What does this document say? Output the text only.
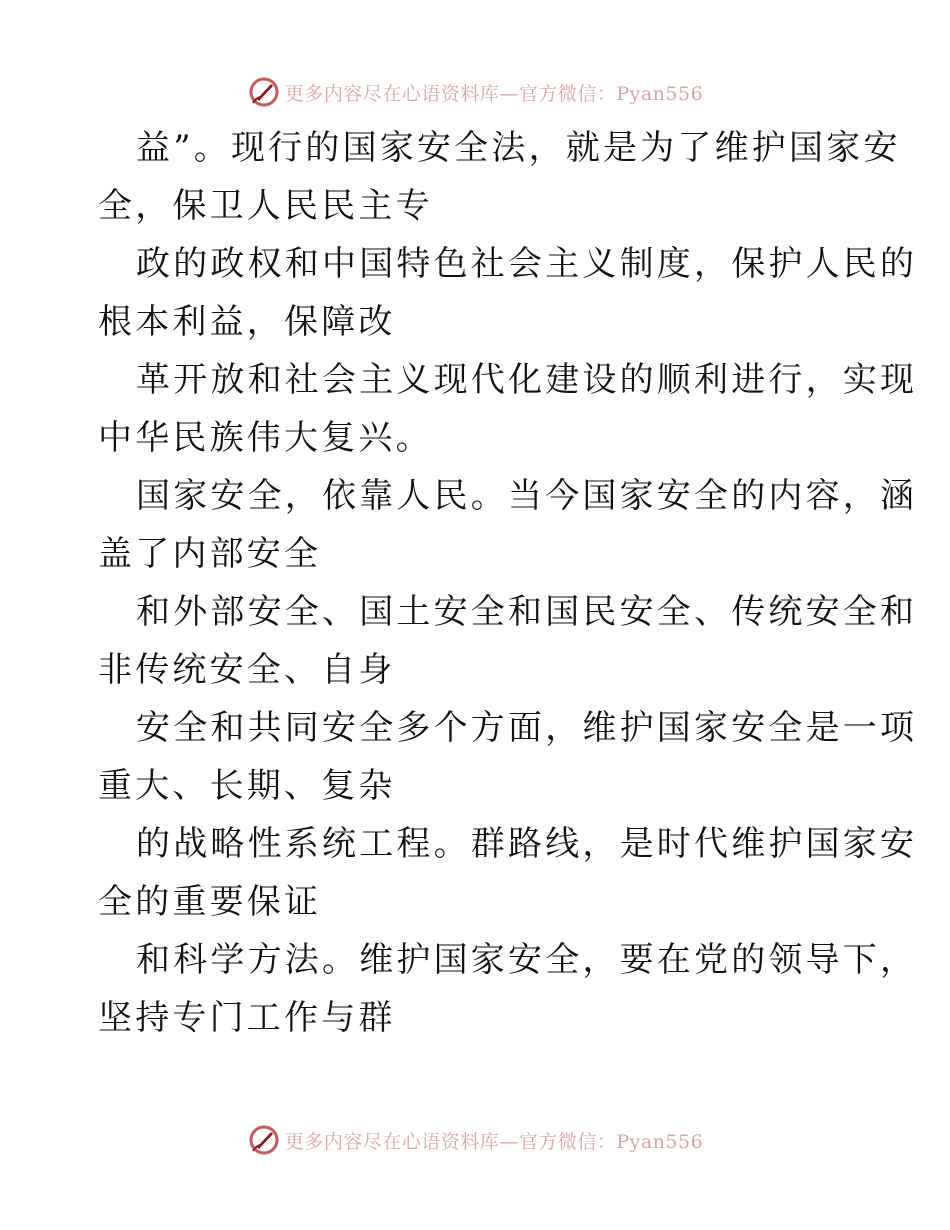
更多内容尽在心语资料库—官方微信：Pyan556
益”。现行的国家安全法，就是为了维护国家安
全，保卫人民民主专
政的政权和中国特色社会主义制度，保护人民的
根本利益，保障改
革开放和社会主义现代化建设的顺利进行，实现
中华民族伟大复兴。
国家安全，依靠人民。当今国家安全的内容，涵
盖了内部安全
和外部安全、国土安全和国民安全、传统安全和
非传统安全、自身
安全和共同安全多个方面，维护国家安全是一项
重大、长期、复杂
的战略性系统工程。群路线，是时代维护国家安
全的重要保证
和科学方法。维护国家安全，要在党的领导下，
坚持专门工作与群
更多内容尽在心语资料库—官方微信：Pyan556
